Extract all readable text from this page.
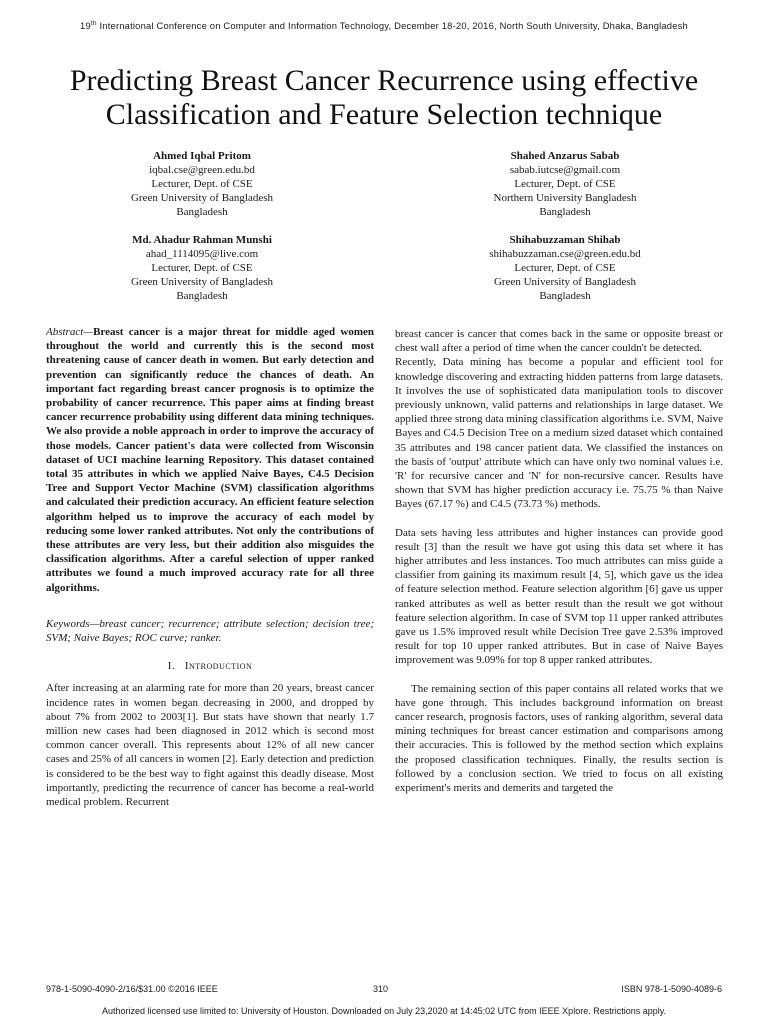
19th International Conference on Computer and Information Technology, December 18-20, 2016, North South University, Dhaka, Bangladesh
Predicting Breast Cancer Recurrence using effective Classification and Feature Selection technique
Ahmed Iqbal Pritom
iqbal.cse@green.edu.bd
Lecturer, Dept. of CSE
Green University of Bangladesh
Bangladesh
Shahed Anzarus Sabab
sabab.iutcse@gmail.com
Lecturer, Dept. of CSE
Northern University Bangladesh
Bangladesh
Md. Ahadur Rahman Munshi
ahad_1114095@live.com
Lecturer, Dept. of CSE
Green University of Bangladesh
Bangladesh
Shihabuzzaman Shihab
shihabuzzaman.cse@green.edu.bd
Lecturer, Dept. of CSE
Green University of Bangladesh
Bangladesh

Abstract—Breast cancer is a major threat for middle aged women throughout the world and currently this is the second most threatening cause of cancer death in women. But early detection and prevention can significantly reduce the chances of death. An important fact regarding breast cancer prognosis is to optimize the probability of cancer recurrence. This paper aims at finding breast cancer recurrence probability using different data mining techniques. We also provide a noble approach in order to improve the accuracy of those models. Cancer patient's data were collected from Wisconsin dataset of UCI machine learning Repository. This dataset contained total 35 attributes in which we applied Naive Bayes, C4.5 Decision Tree and Support Vector Machine (SVM) classification algorithms and calculated their prediction accuracy. An efficient feature selection algorithm helped us to improve the accuracy of each model by reducing some lower ranked attributes. Not only the contributions of these attributes are very less, but their addition also misguides the classification algorithms. After a careful selection of upper ranked attributes we found a much improved accuracy rate for all three algorithms.

Keywords—breast cancer; recurrence; attribute selection; decision tree; SVM; Naive Bayes; ROC curve; ranker.

I. Introduction

After increasing at an alarming rate for more than 20 years, breast cancer incidence rates in women began decreasing in 2000, and dropped by about 7% from 2002 to 2003[1]. But stats have shown that nearly 1.7 million new cases had been diagnosed in 2012 which is second most common cancer overall. This represents about 12% of all new cancer cases and 25% of all cancers in women [2]. Early detection and prediction is considered to be the best way to fight against this deadly disease. Most importantly, predicting the recurrence of cancer has become a real-world medical problem. Recurrent

breast cancer is cancer that comes back in the same or opposite breast or chest wall after a period of time when the cancer couldn't be detected.

Recently, Data mining has become a popular and efficient tool for knowledge discovering and extracting hidden patterns from large datasets. It involves the use of sophisticated data manipulation tools to discover previously unknown, valid patterns and relationships in large dataset. We applied three strong data mining classification algorithms i.e. SVM, Naive Bayes and C4.5 Decision Tree on a medium sized dataset which contained 35 attributes and 198 cancer patient data. We classified the instances on the basis of 'output' attribute which can have only two nominal values i.e. 'R' for recursive cancer and 'N' for non-recursive cancer. Results have shown that SVM has higher prediction accuracy i.e. 75.75 % than Naive Bayes (67.17 %) and C4.5 (73.73 %) methods.

Data sets having less attributes and higher instances can provide good result [3] than the result we have got using this data set where it has higher attributes and less instances. Too much attributes can miss guide a classifier from gaining its maximum result [4, 5], which gave us the idea of feature selection method. Feature selection algorithm [6] gave us upper ranked attributes as well as better result than the result we got without feature selection algorithm. In case of SVM top 11 upper ranked attributes gave us 1.5% improved result while Decision Tree gave 2.53% improved result for top 10 upper ranked attributes. But in case of Naive Bayes improvement was 9.09% for top 8 upper ranked attributes.

The remaining section of this paper contains all related works that we have gone through. This includes background information on breast cancer research, prognosis factors, uses of ranking algorithm, several data mining techniques for breast cancer estimation and comparisons among their accuracies. This is followed by the method section which explains the proposed classification techniques. Finally, the results section is followed by a conclusion section. We tried to focus on all existing experiment's merits and demerits and targeted the

978-1-5090-4090-2/16/$31.00 ©2016 IEEE	310	ISBN 978-1-5090-4089-6
Authorized licensed use limited to: University of Houston. Downloaded on July 23,2020 at 14:45:02 UTC from IEEE Xplore. Restrictions apply.
